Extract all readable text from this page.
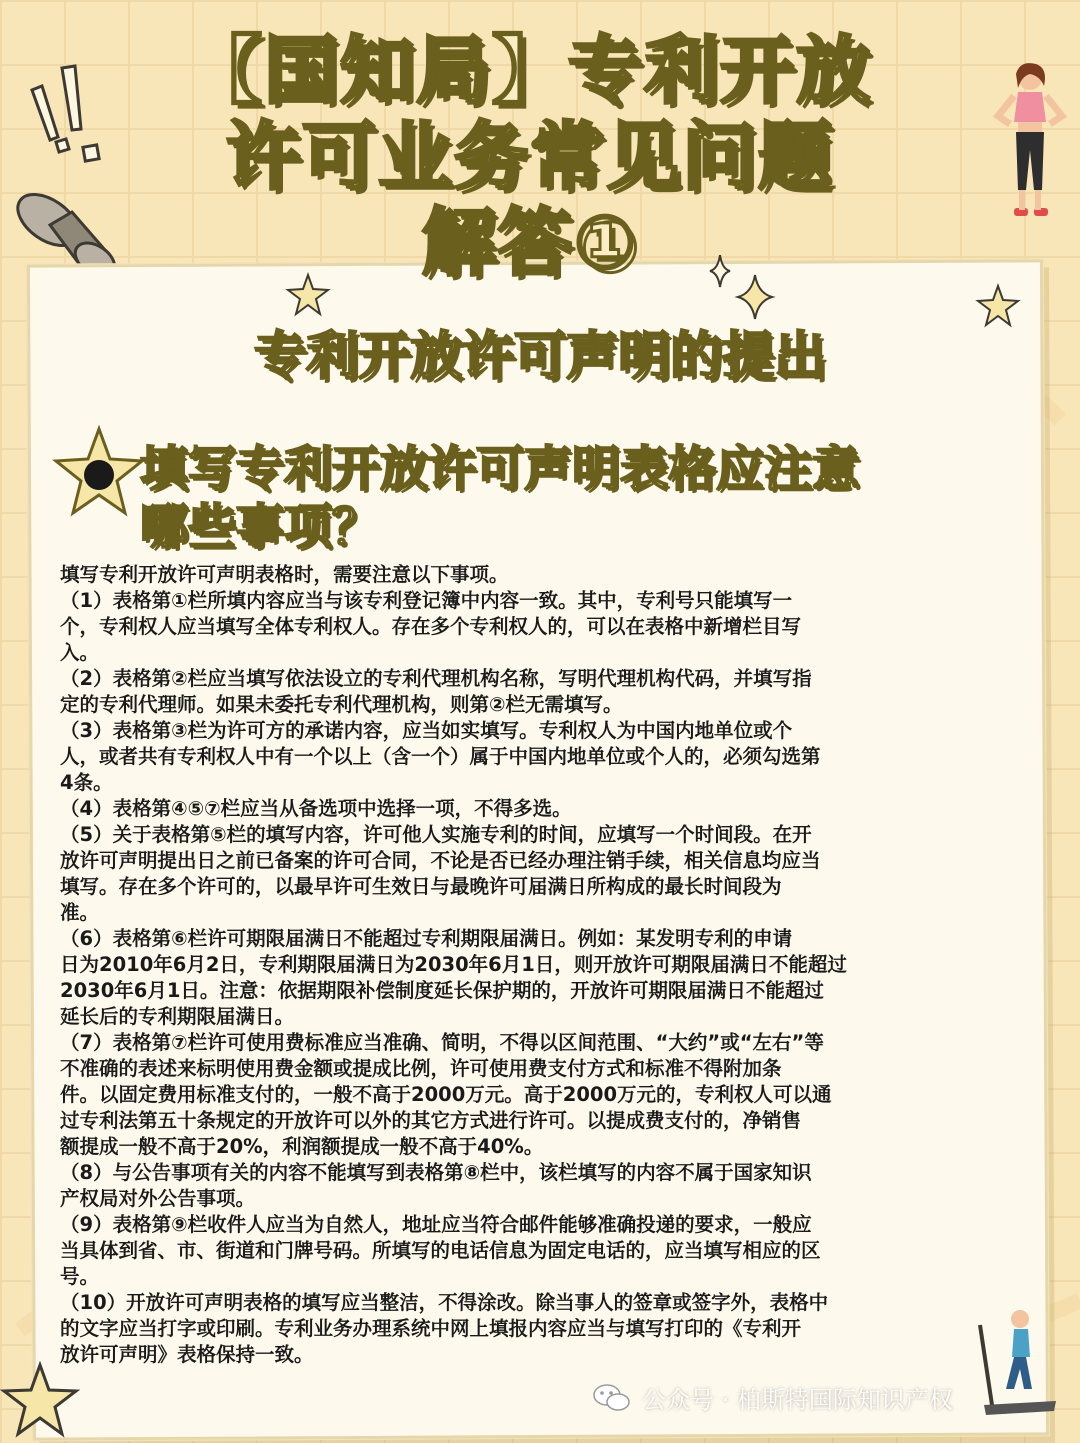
【国知局】专利开放
许可业务常见问题
解答①
专利开放许可声明的提出
填写专利开放许可声明表格应注意
哪些事项？
填写专利开放许可声明表格时，需要注意以下事项。
（1）表格第①栏所填内容应当与该专利登记簿中内容一致。其中，专利号只能填写一
个，专利权人应当填写全体专利权人。存在多个专利权人的，可以在表格中新增栏目写
入。
（2）表格第②栏应当填写依法设立的专利代理机构名称，写明代理机构代码，并填写指
定的专利代理师。如果未委托专利代理机构，则第②栏无需填写。
（3）表格第③栏为许可方的承诺内容，应当如实填写。专利权人为中国内地单位或个
人，或者共有专利权人中有一个以上（含一个）属于中国内地单位或个人的，必须勾选第
4条。
（4）表格第④⑤⑦栏应当从备选项中选择一项，不得多选。
（5）关于表格第⑤栏的填写内容，许可他人实施专利的时间，应填写一个时间段。在开
放许可声明提出日之前已备案的许可合同，不论是否已经办理注销手续，相关信息均应当
填写。存在多个许可的，以最早许可生效日与最晚许可届满日所构成的最长时间段为
准。
（6）表格第⑥栏许可期限届满日不能超过专利期限届满日。例如：某发明专利的申请
日为2010年6月2日，专利期限届满日为2030年6月1日，则开放许可期限届满日不能超过
2030年6月1日。注意：依据期限补偿制度延长保护期的，开放许可期限届满日不能超过
延长后的专利期限届满日。
（7）表格第⑦栏许可使用费标准应当准确、简明，不得以区间范围、“大约”或“左右”等
不准确的表述来标明使用费金额或提成比例，许可使用费支付方式和标准不得附加条
件。以固定费用标准支付的，一般不高于2000万元。高于2000万元的，专利权人可以通
过专利法第五十条规定的开放许可以外的其它方式进行许可。以提成费支付的，净销售
额提成一般不高于20%，利润额提成一般不高于40%。
（8）与公告事项有关的内容不能填写到表格第⑧栏中，该栏填写的内容不属于国家知识
产权局对外公告事项。
（9）表格第⑨栏收件人应当为自然人，地址应当符合邮件能够准确投递的要求，一般应
当具体到省、市、街道和门牌号码。所填写的电话信息为固定电话的，应当填写相应的区
号。
（10）开放许可声明表格的填写应当整洁，不得涂改。除当事人的签章或签字外，表格中
的文字应当打字或印刷。专利业务办理系统中网上填报内容应当与填写打印的《专利开
放许可声明》表格保持一致。
公众号 · 柏斯特国际知识产权
